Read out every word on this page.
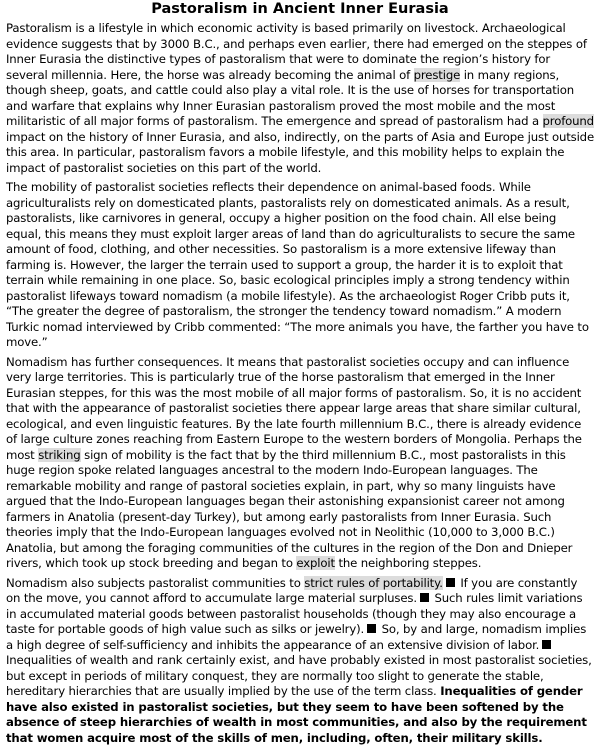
Pastoralism in Ancient Inner Eurasia

Pastoralism is a lifestyle in which economic activity is based primarily on livestock. Archaeological evidence suggests that by 3000 B.C., and perhaps even earlier, there had emerged on the steppes of Inner Eurasia the distinctive types of pastoralism that were to dominate the region’s history for several millennia. Here, the horse was already becoming the animal of prestige in many regions, though sheep, goats, and cattle could also play a vital role. It is the use of horses for transportation and warfare that explains why Inner Eurasian pastoralism proved the most mobile and the most militaristic of all major forms of pastoralism. The emergence and spread of pastoralism had a profound impact on the history of Inner Eurasia, and also, indirectly, on the parts of Asia and Europe just outside this area. In particular, pastoralism favors a mobile lifestyle, and this mobility helps to explain the impact of pastoralist societies on this part of the world.

The mobility of pastoralist societies reflects their dependence on animal-based foods. While agriculturalists rely on domesticated plants, pastoralists rely on domesticated animals. As a result, pastoralists, like carnivores in general, occupy a higher position on the food chain. All else being equal, this means they must exploit larger areas of land than do agriculturalists to secure the same amount of food, clothing, and other necessities. So pastoralism is a more extensive lifeway than farming is. However, the larger the terrain used to support a group, the harder it is to exploit that terrain while remaining in one place. So, basic ecological principles imply a strong tendency within pastoralist lifeways toward nomadism (a mobile lifestyle). As the archaeologist Roger Cribb puts it, “The greater the degree of pastoralism, the stronger the tendency toward nomadism.” A modern Turkic nomad interviewed by Cribb commented: “The more animals you have, the farther you have to move.”

Nomadism has further consequences. It means that pastoralist societies occupy and can influence very large territories. This is particularly true of the horse pastoralism that emerged in the Inner Eurasian steppes, for this was the most mobile of all major forms of pastoralism. So, it is no accident that with the appearance of pastoralist societies there appear large areas that share similar cultural, ecological, and even linguistic features. By the late fourth millennium B.C., there is already evidence of large culture zones reaching from Eastern Europe to the western borders of Mongolia. Perhaps the most striking sign of mobility is the fact that by the third millennium B.C., most pastoralists in this huge region spoke related languages ancestral to the modern Indo-European languages. The remarkable mobility and range of pastoral societies explain, in part, why so many linguists have argued that the Indo-European languages began their astonishing expansionist career not among farmers in Anatolia (present-day Turkey), but among early pastoralists from Inner Eurasia. Such theories imply that the Indo-European languages evolved not in Neolithic (10,000 to 3,000 B.C.) Anatolia, but among the foraging communities of the cultures in the region of the Don and Dnieper rivers, which took up stock breeding and began to exploit the neighboring steppes.

Nomadism also subjects pastoralist communities to strict rules of portability. If you are constantly on the move, you cannot afford to accumulate large material surpluses. Such rules limit variations in accumulated material goods between pastoralist households (though they may also encourage a taste for portable goods of high value such as silks or jewelry). So, by and large, nomadism implies a high degree of self-sufficiency and inhibits the appearance of an extensive division of labor. Inequalities of wealth and rank certainly exist, and have probably existed in most pastoralist societies, but except in periods of military conquest, they are normally too slight to generate the stable, hereditary hierarchies that are usually implied by the use of the term class. Inequalities of gender have also existed in pastoralist societies, but they seem to have been softened by the absence of steep hierarchies of wealth in most communities, and also by the requirement that women acquire most of the skills of men, including, often, their military skills.
